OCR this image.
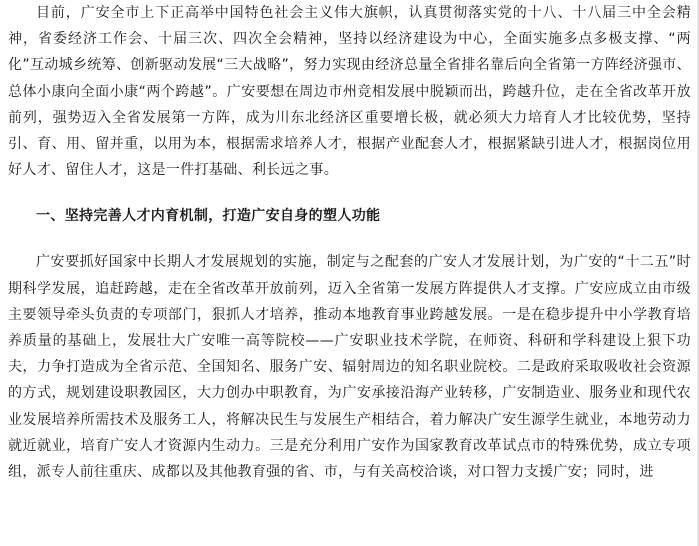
目前，广安全市上下正高举中国特色社会主义伟大旗帜，认真贯彻落实党的十八、十八届三中全会精神，省委经济工作会、十届三次、四次全会精神，坚持以经济建设为中心，全面实施多点多极支撑、“两化”互动城乡统筹、创新驱动发展“三大战略”，努力实现由经济总量全省排名靠后向全省第一方阵经济强市、总体小康向全面小康“两个跨越”。广安要想在周边市州竞相发展中脱颖而出，跨越升位，走在全省改革开放前列，强势迈入全省发展第一方阵，成为川东北经济区重要增长极，就必须大力培育人才比较优势，坚持引、育、用、留并重，以用为本，根据需求培养人才，根据产业配套人才，根据紧缺引进人才，根据岗位用好人才、留住人才，这是一件打基础、利长远之事。

一、坚持完善人才内育机制，打造广安自身的塑人功能

广安要抓好国家中长期人才发展规划的实施，制定与之配套的广安人才发展计划，为广安的“十二五”时期科学发展，追赶跨越，走在全省改革开放前列，迈入全省第一发展方阵提供人才支撑。广安应成立由市级主要领导牵头负责的专项部门，狠抓人才培养，推动本地教育事业跨越发展。一是在稳步提升中小学教育培养质量的基础上，发展壮大广安唯一高等院校——广安职业技术学院，在师资、科研和学科建设上狠下功夫，力争打造成为全省示范、全国知名、服务广安、辐射周边的知名职业院校。二是政府采取吸收社会资源的方式，规划建设职教园区，大力创办中职教育，为广安承接沿海产业转移，广安制造业、服务业和现代农业发展培养所需技术及服务工人，将解决民生与发展生产相结合，着力解决广安生源学生就业，本地劳动力就近就业，培育广安人才资源内生动力。三是充分利用广安作为国家教育改革试点市的特殊优势，成立专项组，派专人前往重庆、成都以及其他教育强的省、市，与有关高校洽谈，对口智力支援广安；同时，进
